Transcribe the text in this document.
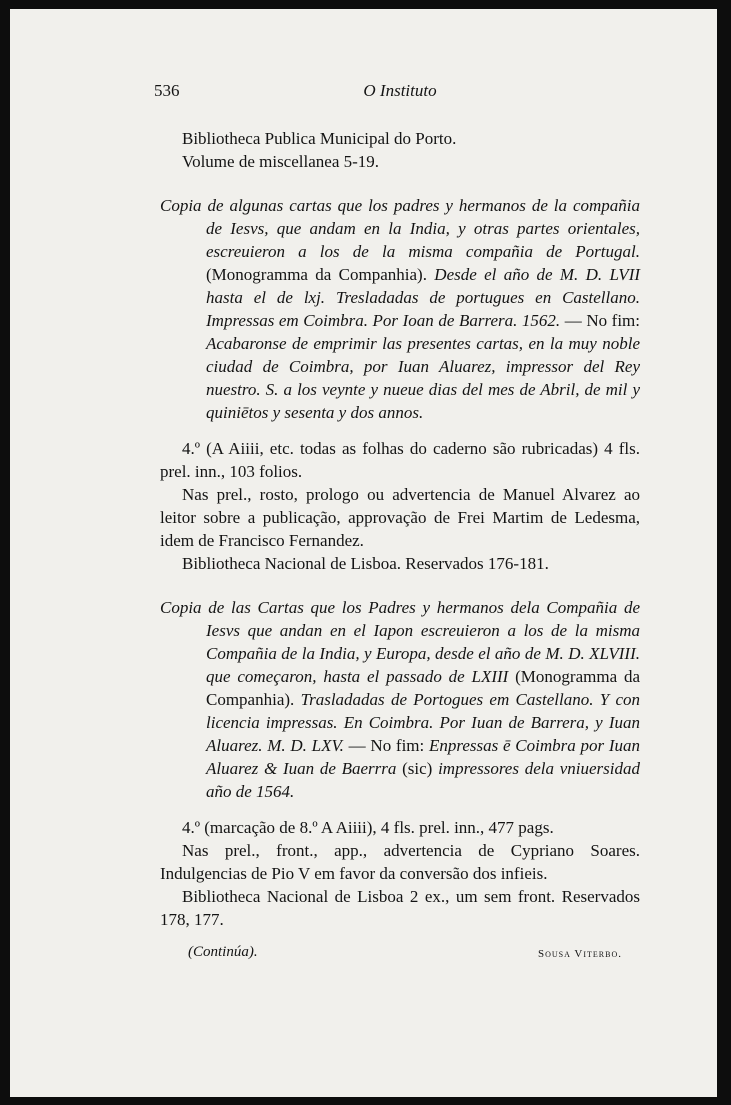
536	O Instituto

Bibliotheca Publica Municipal do Porto.

Volume de miscellanea 5-19.

Copia de algunas cartas que los padres y hermanos de la compañia de Iesvs, que andam en la India, y otras partes orientales, escreuieron a los de la misma compañia de Portugal. (Monogramma da Companhia). Desde el año de M. D. LVII hasta el de lxj. Tresladadas de portugues en Castellano. Impressas em Coimbra. Por Ioan de Barrera. 1562. — No fim: Acabaronse de emprimir las presentes cartas, en la muy noble ciudad de Coimbra, por Iuan Aluarez, impressor del Rey nuestro. S. a los veynte y nueue dias del mes de Abril, de mil y quiniētos y sesenta y dos annos.

4.º (A Aiiii, etc. todas as folhas do caderno são rubricadas) 4 fls. prel. inn., 103 folios.

Nas prel., rosto, prologo ou advertencia de Manuel Alvarez ao leitor sobre a publicação, approvação de Frei Martim de Ledesma, idem de Francisco Fernandez.

Bibliotheca Nacional de Lisboa. Reservados 176-181.

Copia de las Cartas que los Padres y hermanos dela Compañia de Iesvs que andan en el Iapon escreuieron a los de la misma Compañia de la India, y Europa, desde el año de M. D. XLVIII. que começaron, hasta el passado de LXIII (Monogramma da Companhia). Trasladadas de Portogues em Castellano. Y con licencia impressas. En Coimbra. Por Iuan de Barrera, y Iuan Aluarez. M. D. LXV. — No fim: Enpressas ē Coimbra por Iuan Aluarez & Iuan de Baerrra (sic) impressores dela vniuersidad año de 1564.

4.º (marcação de 8.º A Aiiii), 4 fls. prel. inn., 477 pags.

Nas prel., front., app., advertencia de Cypriano Soares. Indulgencias de Pio V em favor da conversão dos infieis.

Bibliotheca Nacional de Lisboa 2 ex., um sem front. Reservados 178, 177.

(Continúa).	Sousa Viterbo.
